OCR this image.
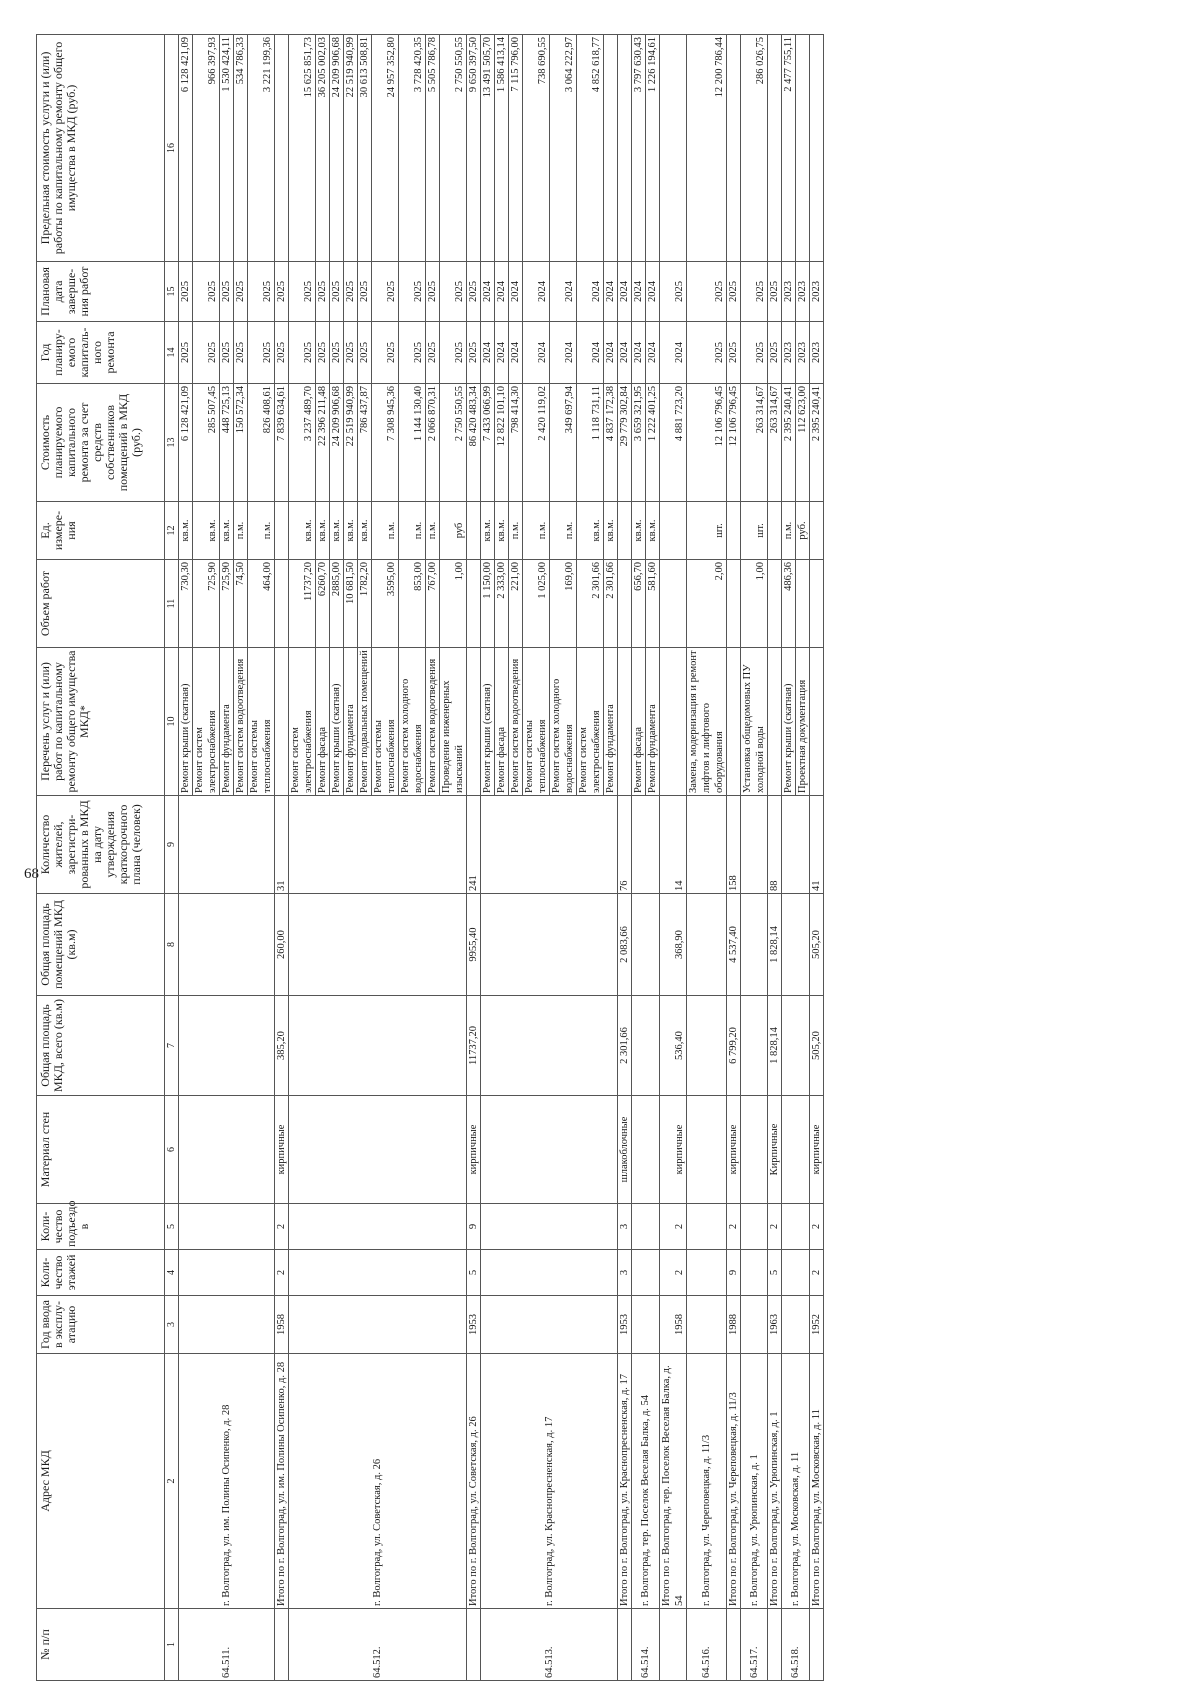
68
№ п/п	Адрес МКД	Год ввода в эксплу-атацию	Коли-чество этажей	Коли-чество подъездо в	Материал стен	Общая площадь МКД, всего (кв.м)	Общая площадь помещений МКД (кв.м)	Количество жителей, зарегистри-рованных в МКД на дату утверждения краткосрочного плана (человек)	Перечень услуг и (или) работ по капитальному ремонту общего имущества МКД*	Объем работ	Ед. измере-ния	Стоимость планируемого капитального ремонта за счет средств собственников помещений в МКД (руб.)	Год планиру-емого капиталь-ного ремонта	Плановая дата заверше-ния работ	Предельная стоимость услуги и (или) работы по капитальному ремонту общего имущества в МКД (руб.)
1	2	3	4	5	6	7	8	9	10	11	12	13	14	15	16
64.511.	г. Волгоград, ул. им. Полины Осипенко, д. 28								Ремонт крыши (скатная)	730,30	кв.м.	6 128 421,09	2025	2025	6 128 421,09
									Ремонт систем электроснабжения	725,90	кв.м.	285 507,45	2025	2025	966 397,93
									Ремонт фундамента	725,90	кв.м.	448 725,13	2025	2025	1 530 424,11
									Ремонт систем водоотведения	74,50	п.м.	150 572,34	2025	2025	534 786,33
									Ремонт системы теплоснабжения	464,00	п.м.	826 408,61	2025	2025	3 221 199,36
	Итого по г. Волгоград, ул. им. Полины Осипенко, д. 28	1958	2	2	кирпичные	385,20	260,00	31				7 839 634,61	2025	2025	
64.512.	г. Волгоград, ул. Советская, д. 26								Ремонт систем электроснабжения	11737,20	кв.м.	3 237 489,70	2025	2025	15 625 851,73
									Ремонт фасада	6260,70	кв.м.	22 396 211,48	2025	2025	36 205 002,03
									Ремонт крыши (скатная)	2885,00	кв.м.	24 209 906,68	2025	2025	24 209 906,68
									Ремонт фундамента	10 681,50	кв.м.	22 519 940,99	2025	2025	22 519 940,99
									Ремонт подвальных помещений	1782,20	кв.м.	786 437,87	2025	2025	30 613 508,81
									Ремонт системы теплоснабжения	3595,00	п.м.	7 308 945,36	2025	2025	24 957 352,80
									Ремонт систем холодного водоснабжения	853,00	п.м.	1 144 130,40	2025	2025	3 728 420,35
									Ремонт систем водоотведения	767,00	п.м.	2 066 870,31	2025	2025	5 505 786,78
									Проведение инженерных изысканий	1,00	руб	2 750 550,55	2025	2025	2 750 550,55
	Итого по г. Волгоград, ул. Советская, д. 26	1953	5	9	кирпичные	11737,20	9955,40	241				86 420 483,34	2025	2025	9 650 397,50
64.513.	г. Волгоград, ул. Краснопресненская, д. 17								Ремонт крыши (скатная)	1 150,00	кв.м.	7 433 066,99	2024	2024	13 491 505,70
									Ремонт фасада	2 333,00	кв.м.	12 822 101,10	2024	2024	1 586 413,14
									Ремонт систем водоотведения	221,00	п.м.	798 414,30	2024	2024	7 115 796,00
									Ремонт системы теплоснабжения	1 025,00	п.м.	2 420 119,02	2024	2024	738 690,55
									Ремонт систем холодного водоснабжения	169,00	п.м.	349 697,94	2024	2024	3 064 222,97
									Ремонт систем электроснабжения	2 301,66	кв.м.	1 118 731,11	2024	2024	4 852 618,77
									Ремонт фундамента	2 301,66	кв.м.	4 837 172,38	2024	2024	
	Итого по г. Волгоград, ул. Краснопресненская, д. 17	1953	3	3	шлакоблочные	2 301,66	2 083,66	76				29 779 302,84	2024	2024	
64.514.	г. Волгоград, тер. Поселок Веселая Балка, д. 54								Ремонт фасада	656,70	кв.м.	3 659 321,95	2024	2024	3 797 630,43
									Ремонт фундамента	581,60	кв.м.	1 222 401,25	2024	2024	1 226 194,61
	Итого по г. Волгоград, тер. Поселок Веселая Балка, д. 54	1958	2	2	кирпичные	536,40	368,90	14				4 881 723,20	2024	2025	
64.516.	г. Волгоград, ул. Череповецкая, д. 11/3								Замена, модернизация и ремонт лифтов и лифтового оборудования	2,00	шт.	12 106 796,45	2025	2025	12 200 786,44
	Итого по г. Волгоград, ул. Череповецкая, д. 11/3	1988	9	2	кирпичные	6 799,20	4 537,40	158				12 106 796,45	2025	2025	
64.517.	г. Волгоград, ул. Урюпинская, д. 1								Установка общедомовых ПУ холодной воды	1,00	шт.	263 314,67	2025	2025	286 026,75
	Итого по г. Волгоград, ул. Урюпинская, д. 1	1963	5	2	Кирпичные	1 828,14	1 828,14	88				263 314,67	2025	2025	
64.518.	г. Волгоград, ул. Московская, д. 11								Ремонт крыши (скатная)	486,36	п.м.	2 395 240,41	2023	2023	2 477 755,11
									Проектная документация		руб.	112 623,00	2023	2023	
	Итого по г. Волгоград, ул. Московская, д. 11	1952	2	2	кирпичные	505,20	505,20	41				2 395 240,41	2023	2023	
